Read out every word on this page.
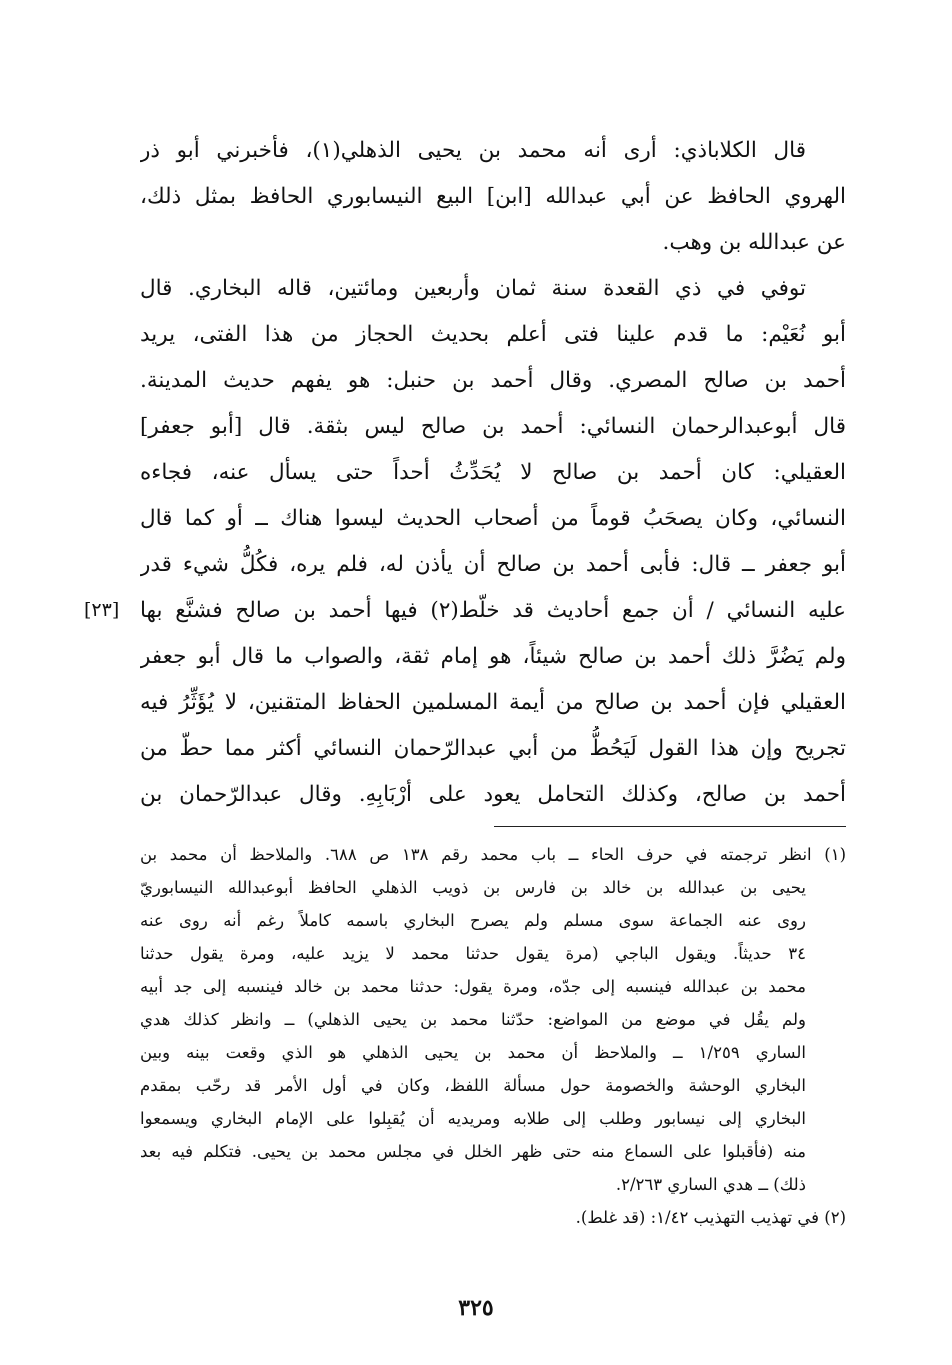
قال الكلاباذي: أرى أنه محمد بن يحيى الذهلي(١)، فأخبرني أبو ذر
الهروي الحافظ عن أبي عبدالله [ابن] البيع النيسابوري الحافظ بمثل ذلك،
عن عبدالله بن وهب.
توفي في ذي القعدة سنة ثمان وأربعين ومائتين، قاله البخاري. قال
أبو نُعَيْم: ما قدم علينا فتى أعلم بحديث الحجاز من هذا الفتى، يريد
أحمد بن صالح المصري. وقال أحمد بن حنبل: هو يفهم حديث المدينة.
قال أبوعبدالرحمان النسائي: أحمد بن صالح ليس بثقة. قال [أبو جعفر]
العقيلي: كان أحمد بن صالح لا يُحَدِّثُ أحداً حتى يسأل عنه، فجاءه
النسائي، وكان يصحَبُ قوماً من أصحاب الحديث ليسوا هناك ــ أو كما قال
أبو جعفر ــ قال: فأبى أحمد بن صالح أن يأذن له، فلم يره، فكُلُّ شيء قدر
عليه النسائي / أن جمع أحاديث قد خلّط(٢) فيها أحمد بن صالح فشنَّع بها
ولم يَضُرَّ ذلك أحمد بن صالح شيئاً، هو إمام ثقة، والصواب ما قال أبو جعفر
العقيلي فإن أحمد بن صالح من أيمة المسلمين الحفاظ المتقنين، لا يُؤَثِّرُ فيه
تجريح وإن هذا القول لَيَحُطُّ من أبي عبدالرّحمان النسائي أكثر مما حطّ من
أحمد بن صالح، وكذلك التحامل يعود على أرْبَابِهِ. وقال عبدالرّحمان بن
[٢٣]
(١) انظر ترجمته في حرف الحاء ــ باب محمد رقم ١٣٨ ص ٦٨٨. والملاحظ أن محمد بن
يحيى بن عبدالله بن خالد بن فارس بن ذويب الذهلي الحافظ أبوعبدالله النيسابوريّ
روى عنه الجماعة سوى مسلم ولم يصرح البخاري باسمه كاملاً رغم أنه روى عنه
٣٤ حديثاً. ويقول الباجي (مرة يقول حدثنا محمد لا يزيد عليه، ومرة يقول حدثنا
محمد بن عبدالله فينسبه إلى جدّه، ومرة يقول: حدثنا محمد بن خالد فينسبه إلى جد أبيه
ولم يقُل في موضع من المواضع: حدّثنا محمد بن يحيى الذهلي) ــ وانظر كذلك هدي
الساري ١/٢٥٩ ــ والملاحظ أن محمد بن يحيى الذهلي هو الذي وقعت بينه وبين
البخاري الوحشة والخصومة حول مسألة اللفظ، وكان في أول الأمر قد رحّب بمقدم
البخاري إلى نيسابور وطلب إلى طلابه ومريديه أن يُقبِلوا على الإمام البخاري ويسمعوا
منه (فأقبلوا على السماع منه حتى ظهر الخلل في مجلس محمد بن يحيى. فتكلم فيه بعد
ذلك) ــ هدي الساري ٢/٢٦٣.
(٢) في تهذيب التهذيب ١/٤٢: (قد غلط).
٣٢٥
